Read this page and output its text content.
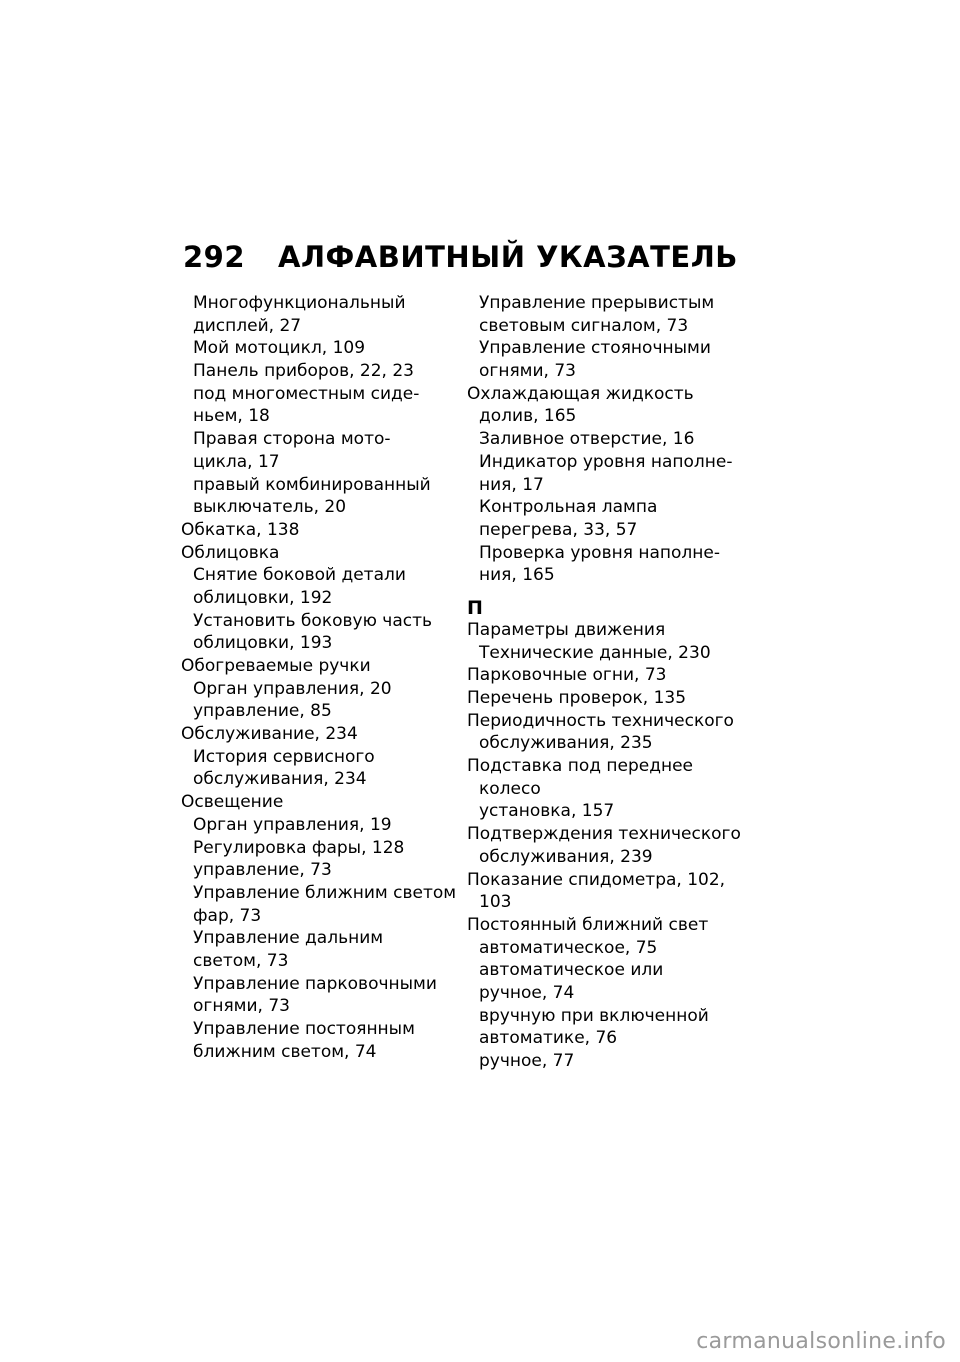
292	АЛФАВИТНЫЙ УКАЗАТЕЛЬ
Многофункциональный
дисплей, 27
Мой мотоцикл, 109
Панель приборов, 22, 23
под многоместным сиде-
ньем, 18
Правая сторона мото-
цикла, 17
правый комбинированный
выключатель, 20
Обкатка, 138
Облицовка
Снятие боковой детали
облицовки, 192
Установить боковую часть
облицовки, 193
Обогреваемые ручки
Орган управления, 20
управление, 85
Обслуживание, 234
История сервисного
обслуживания, 234
Освещение
Орган управления, 19
Регулировка фары, 128
управление, 73
Управление ближним светом
фар, 73
Управление дальним
светом, 73
Управление парковочными
огнями, 73
Управление постоянным
ближним светом, 74
Управление прерывистым
световым сигналом, 73
Управление стояночными
огнями, 73
Охлаждающая жидкость
долив, 165
Заливное отверстие, 16
Индикатор уровня наполне-
ния, 17
Контрольная лампа
перегрева, 33, 57
Проверка уровня наполне-
ния, 165
П
Параметры движения
Технические данные, 230
Парковочные огни, 73
Перечень проверок, 135
Периодичность технического
обслуживания, 235
Подставка под переднее
колесо
установка, 157
Подтверждения технического
обслуживания, 239
Показание спидометра, 102,
103
Постоянный ближний свет
автоматическое, 75
автоматическое или
ручное, 74
вручную при включенной
автоматике, 76
ручное, 77
carmanualsonline.info
